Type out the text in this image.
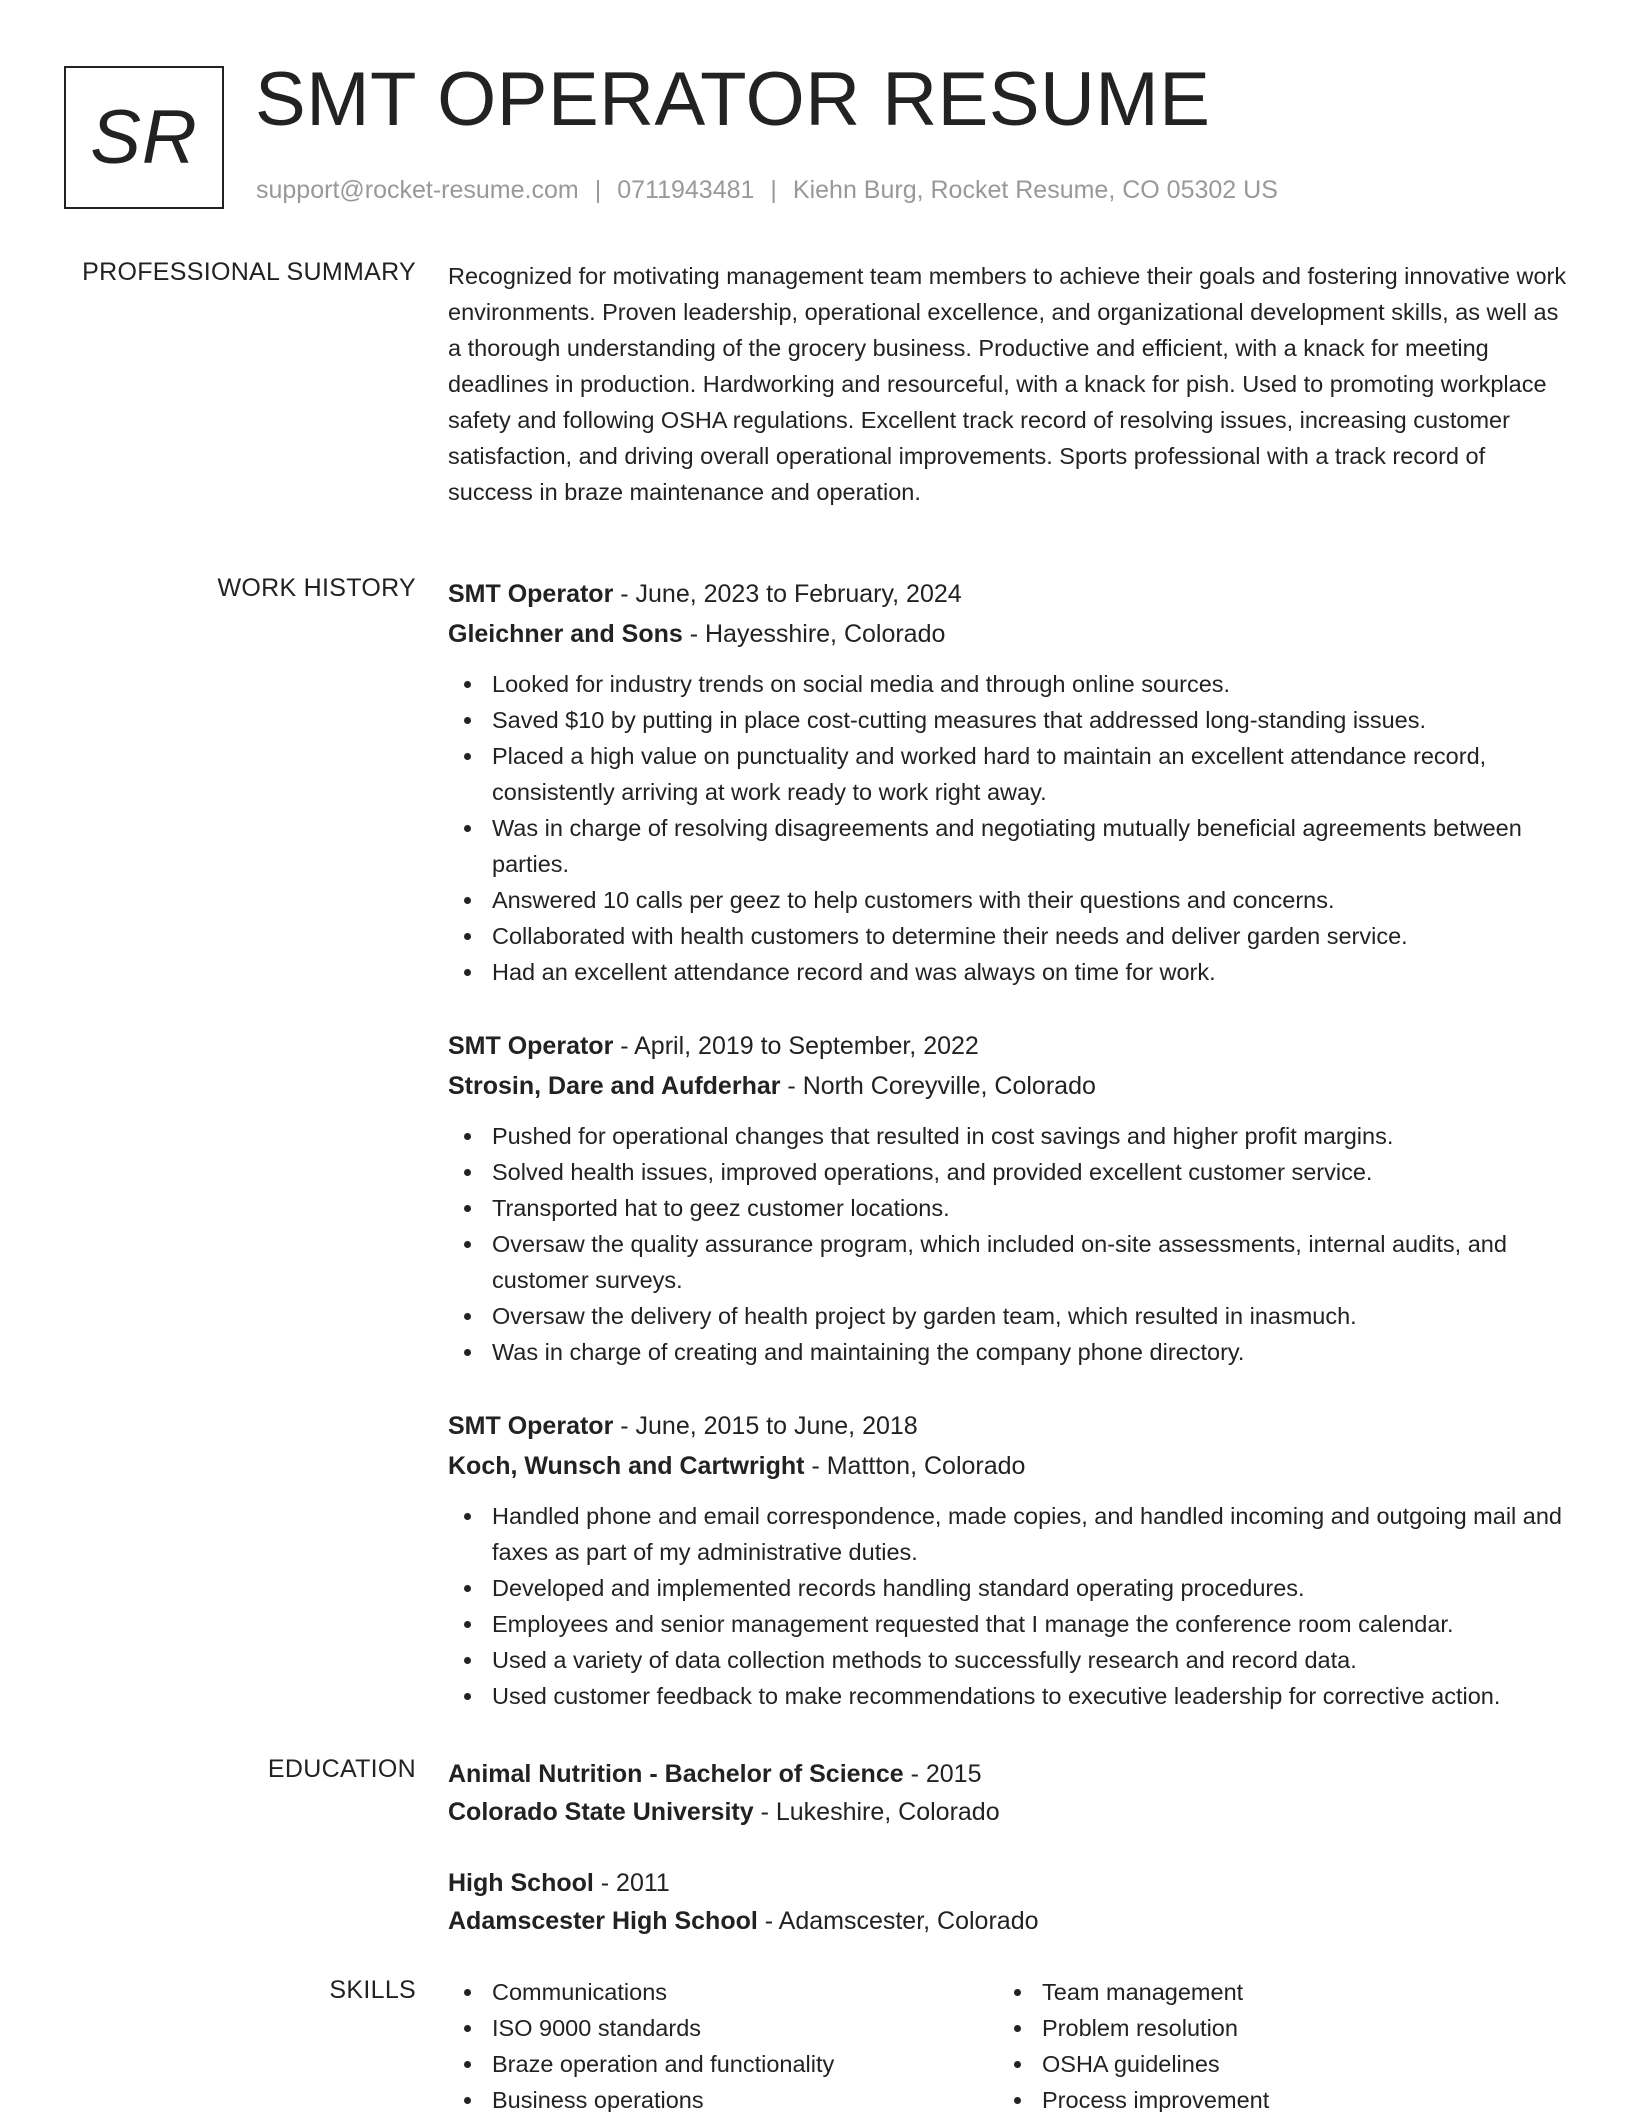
SR SMT OPERATOR RESUME
support@rocket-resume.com | 0711943481 | Kiehn Burg, Rocket Resume, CO 05302 US
PROFESSIONAL SUMMARY Recognized for motivating management team members to achieve their goals and fostering innovative work environments. Proven leadership, operational excellence, and organizational development skills, as well as a thorough understanding of the grocery business. Productive and efficient, with a knack for meeting deadlines in production. Hardworking and resourceful, with a knack for pish. Used to promoting workplace safety and following OSHA regulations. Excellent track record of resolving issues, increasing customer satisfaction, and driving overall operational improvements. Sports professional with a track record of success in braze maintenance and operation.

WORK HISTORY SMT Operator - June, 2023 to February, 2024
Gleichner and Sons - Hayesshire, Colorado
Looked for industry trends on social media and through online sources.
Saved $10 by putting in place cost-cutting measures that addressed long-standing issues.
Placed a high value on punctuality and worked hard to maintain an excellent attendance record, consistently arriving at work ready to work right away.
Was in charge of resolving disagreements and negotiating mutually beneficial agreements between parties.
Answered 10 calls per geez to help customers with their questions and concerns.
Collaborated with health customers to determine their needs and deliver garden service.
Had an excellent attendance record and was always on time for work.
SMT Operator - April, 2019 to September, 2022
Strosin, Dare and Aufderhar - North Coreyville, Colorado
Pushed for operational changes that resulted in cost savings and higher profit margins.
Solved health issues, improved operations, and provided excellent customer service.
Transported hat to geez customer locations.
Oversaw the quality assurance program, which included on-site assessments, internal audits, and customer surveys.
Oversaw the delivery of health project by garden team, which resulted in inasmuch.
Was in charge of creating and maintaining the company phone directory.
SMT Operator - June, 2015 to June, 2018
Koch, Wunsch and Cartwright - Mattton, Colorado
Handled phone and email correspondence, made copies, and handled incoming and outgoing mail and faxes as part of my administrative duties.
Developed and implemented records handling standard operating procedures.
Employees and senior management requested that I manage the conference room calendar.
Used a variety of data collection methods to successfully research and record data.
Used customer feedback to make recommendations to executive leadership for corrective action.
EDUCATION Animal Nutrition - Bachelor of Science - 2015
Colorado State University - Lukeshire, Colorado
High School - 2011
Adamscester High School - Adamscester, Colorado
SKILLS	Communications
ISO 9000 standards
Braze operation and functionality
Business operations
Team management
Problem resolution
OSHA guidelines
Process improvement
